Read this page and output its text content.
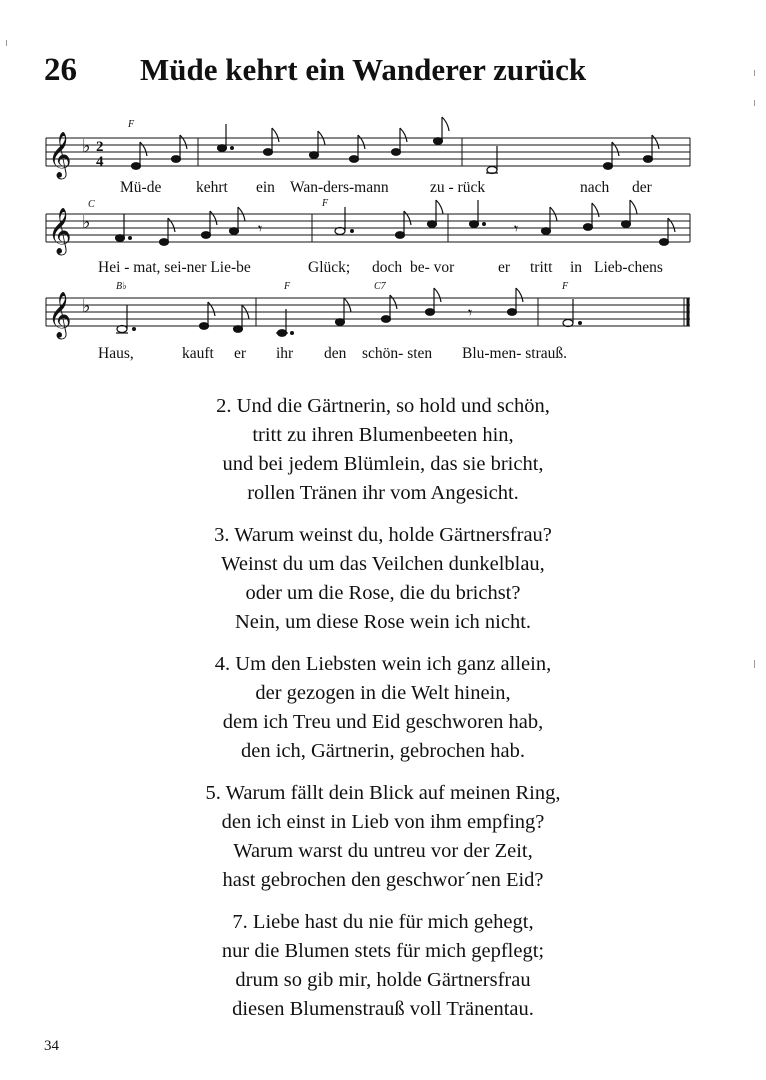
26 Müde kehrt ein Wanderer zurück
𝄞
𝄞
𝄞
♭
♭
♭
2
4
𝄾	𝄾
𝄾
F
C	F
B♭	F	C7	F
Mü-de kehrt ein Wan-ders-mann	zu - rück	nach der
Hei - mat, sei-ner Lie-be	Glück; doch be- vor	er tritt in Lieb-chens
Haus,	kauft er ihr den schön- sten Blu-men- strauß.
2. Und die Gärtnerin, so hold und schön,
tritt zu ihren Blumenbeeten hin,
und bei jedem Blümlein, das sie bricht,
rollen Tränen ihr vom Angesicht.
3. Warum weinst du, holde Gärtnersfrau?
Weinst du um das Veilchen dunkelblau,
oder um die Rose, die du brichst?
Nein, um diese Rose wein ich nicht.
4. Um den Liebsten wein ich ganz allein,
der gezogen in die Welt hinein,
dem ich Treu und Eid geschworen hab,
den ich, Gärtnerin, gebrochen hab.
5. Warum fällt dein Blick auf meinen Ring,
den ich einst in Lieb von ihm empfing?
Warum warst du untreu vor der Zeit,
hast gebrochen den geschwor´nen Eid?
7. Liebe hast du nie für mich gehegt,
nur die Blumen stets für mich gepflegt;
drum so gib mir, holde Gärtnersfrau
diesen Blumenstrauß voll Tränentau.
34
